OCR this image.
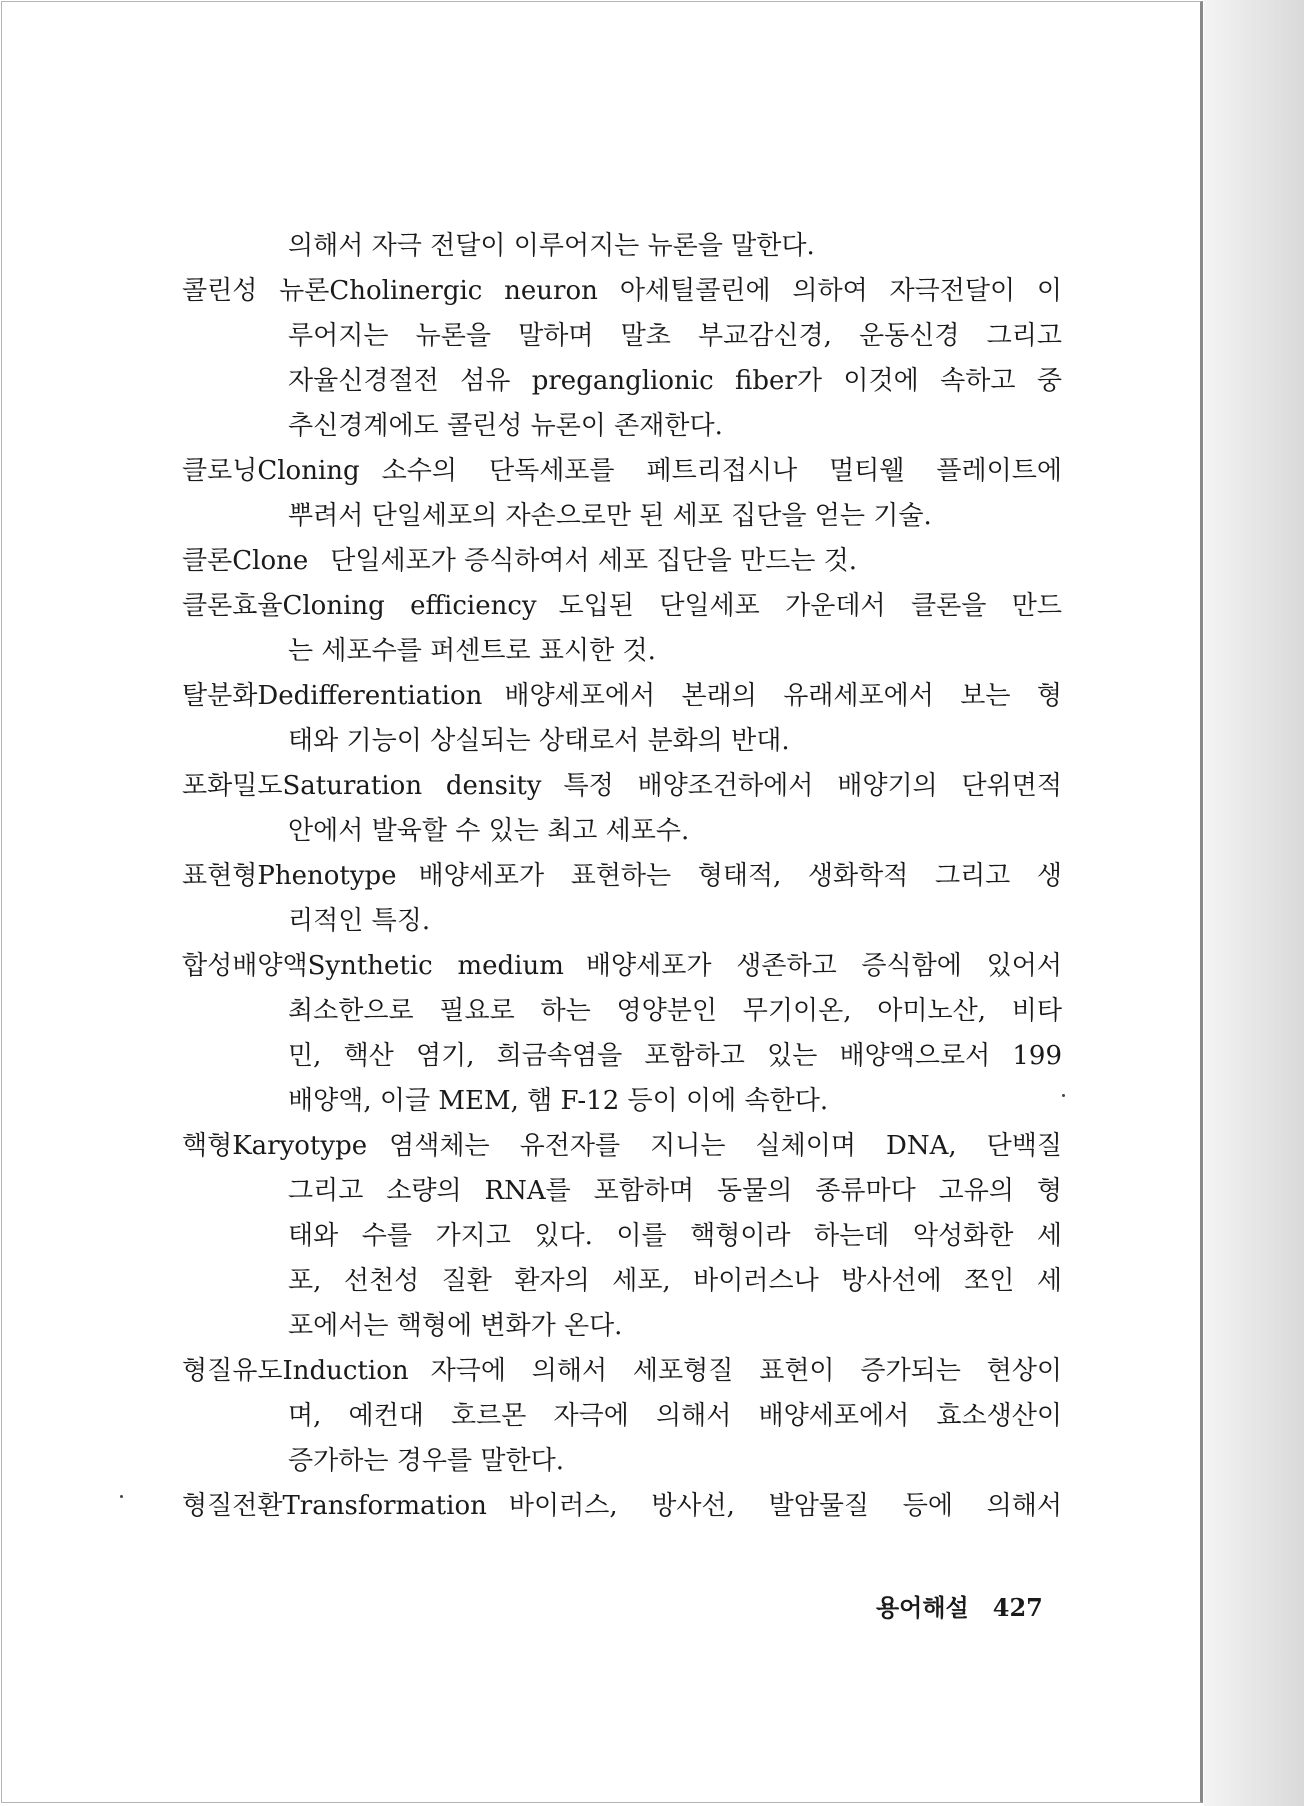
의해서 자극 전달이 이루어지는 뉴론을 말한다.
콜린성 뉴론Cholinergic neuron 아세틸콜린에 의하여 자극전달이 이
루어지는 뉴론을 말하며 말초 부교감신경, 운동신경 그리고
자율신경절전 섬유 preganglionic fiber가 이것에 속하고 중
추신경계에도 콜린성 뉴론이 존재한다.
클로닝Cloning 소수의 단독세포를 페트리접시나 멀티웰 플레이트에
뿌려서 단일세포의 자손으로만 된 세포 집단을 얻는 기술.
클론Clone 단일세포가 증식하여서 세포 집단을 만드는 것.
클론효율Cloning efficiency 도입된 단일세포 가운데서 클론을 만드
는 세포수를 퍼센트로 표시한 것.
탈분화Dedifferentiation 배양세포에서 본래의 유래세포에서 보는 형
태와 기능이 상실되는 상태로서 분화의 반대.
포화밀도Saturation density 특정 배양조건하에서 배양기의 단위면적
안에서 발육할 수 있는 최고 세포수.
표현형Phenotype 배양세포가 표현하는 형태적, 생화학적 그리고 생
리적인 특징.
합성배양액Synthetic medium 배양세포가 생존하고 증식함에 있어서
최소한으로 필요로 하는 영양분인 무기이온, 아미노산, 비타
민, 핵산 염기, 희금속염을 포함하고 있는 배양액으로서 199
배양액, 이글 MEM, 햄 F-12 등이 이에 속한다.
핵형Karyotype 염색체는 유전자를 지니는 실체이며 DNA, 단백질
그리고 소량의 RNA를 포함하며 동물의 종류마다 고유의 형
태와 수를 가지고 있다. 이를 핵형이라 하는데 악성화한 세
포, 선천성 질환 환자의 세포, 바이러스나 방사선에 쪼인 세
포에서는 핵형에 변화가 온다.
형질유도Induction 자극에 의해서 세포형질 표현이 증가되는 현상이
며, 예컨대 호르몬 자극에 의해서 배양세포에서 효소생산이
증가하는 경우를 말한다.
형질전환Transformation 바이러스, 방사선, 발암물질 등에 의해서
용어해설 427
